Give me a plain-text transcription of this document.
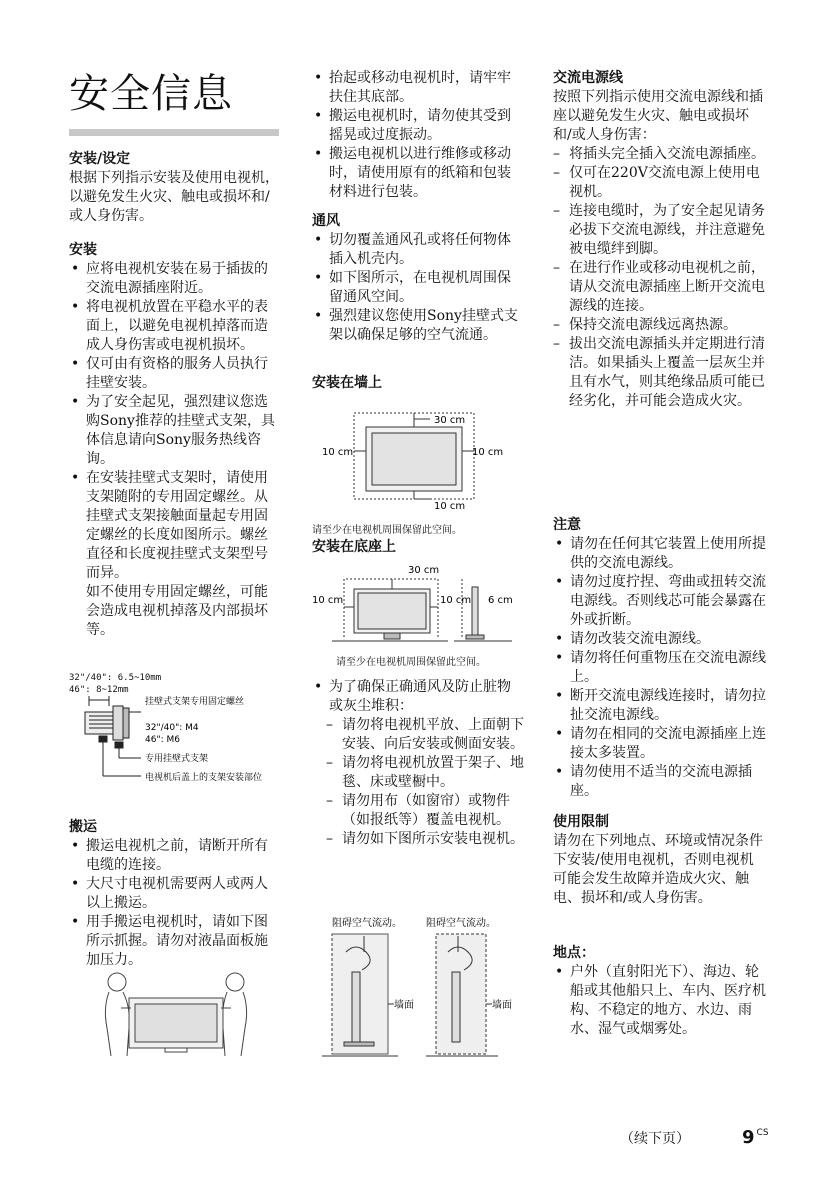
安全信息

安装/设定

根据下列指示安装及使用电视机，以避免发生火灾、触电或损坏和/或人身伤害。

安装

• 应将电视机安装在易于插拔的交流电源插座附近。
• 将电视机放置在平稳水平的表面上，以避免电视机掉落而造成人身伤害或电视机损坏。
• 仅可由有资格的服务人员执行挂壁安装。
• 为了安全起见，强烈建议您选购Sony推荐的挂壁式支架，具体信息请向Sony服务热线咨询。
• 在安装挂壁式支架时，请使用支架随附的专用固定螺丝。从挂壁式支架接触面量起专用固定螺丝的长度如图所示。螺丝直径和长度视挂壁式支架型号而异。

如不使用专用固定螺丝，可能会造成电视机掉落及内部损坏等。

32"/40": 6.5~10mm

46": 8~12mm

挂壁式支架专用固定螺丝
32"/40": M4
46": M6
专用挂壁式支架
电视机后盖上的支架安装部位

搬运

• 搬运电视机之前，请断开所有电缆的连接。
• 大尺寸电视机需要两人或两人以上搬运。
• 用手搬运电视机时，请如下图所示抓握。请勿对液晶面板施加压力。
• 抬起或移动电视机时，请牢牢扶住其底部。
• 搬运电视机时，请勿使其受到摇晃或过度振动。
• 搬运电视机以进行维修或移动时，请使用原有的纸箱和包装材料进行包装。

通风

• 切勿覆盖通风孔或将任何物体插入机壳内。
• 如下图所示，在电视机周围保留通风空间。
• 强烈建议您使用Sony挂壁式支架以确保足够的空气流通。

安装在墙上

30 cm
10 cm	10 cm
10 cm

请至少在电视机周围保留此空间。

安装在底座上

30 cm
10 cm	10 cm 6 cm

请至少在电视机周围保留此空间。

• 为了确保正确通风及防止脏物或灰尘堆积：
– 请勿将电视机平放、上面朝下安装、向后安装或侧面安装。
– 请勿将电视机放置于架子、地毯、床或壁橱中。
– 请勿用布（如窗帘）或物件（如报纸等）覆盖电视机。
– 请勿如下图所示安装电视机。
阻碍空气流动。 阻碍空气流动。
墙面	墙面

交流电源线

按照下列指示使用交流电源线和插座以避免发生火灾、触电或损坏和/或人身伤害：

– 将插头完全插入交流电源插座。
– 仅可在220V交流电源上使用电视机。
– 连接电缆时，为了安全起见请务必拔下交流电源线，并注意避免被电缆绊到脚。
– 在进行作业或移动电视机之前，请从交流电源插座上断开交流电源线的连接。
– 保持交流电源线远离热源。
– 拔出交流电源插头并定期进行清洁。如果插头上覆盖一层灰尘并且有水气，则其绝缘品质可能已经劣化，并可能会造成火灾。

注意

• 请勿在任何其它装置上使用所提供的交流电源线。
• 请勿过度拧捏、弯曲或扭转交流电源线。否则线芯可能会暴露在外或折断。
• 请勿改装交流电源线。
• 请勿将任何重物压在交流电源线上。
• 断开交流电源线连接时，请勿拉扯交流电源线。
• 请勿在相同的交流电源插座上连接太多装置。
• 请勿使用不适当的交流电源插座。

使用限制

请勿在下列地点、环境或情况条件下安装/使用电视机，否则电视机可能会发生故障并造成火灾、触电、损坏和/或人身伤害。

地点：

• 户外（直射阳光下）、海边、轮船或其他船只上、车内、医疗机构、不稳定的地方、水边、雨水、湿气或烟雾处。
（续下页）	9 $^{CS}$
